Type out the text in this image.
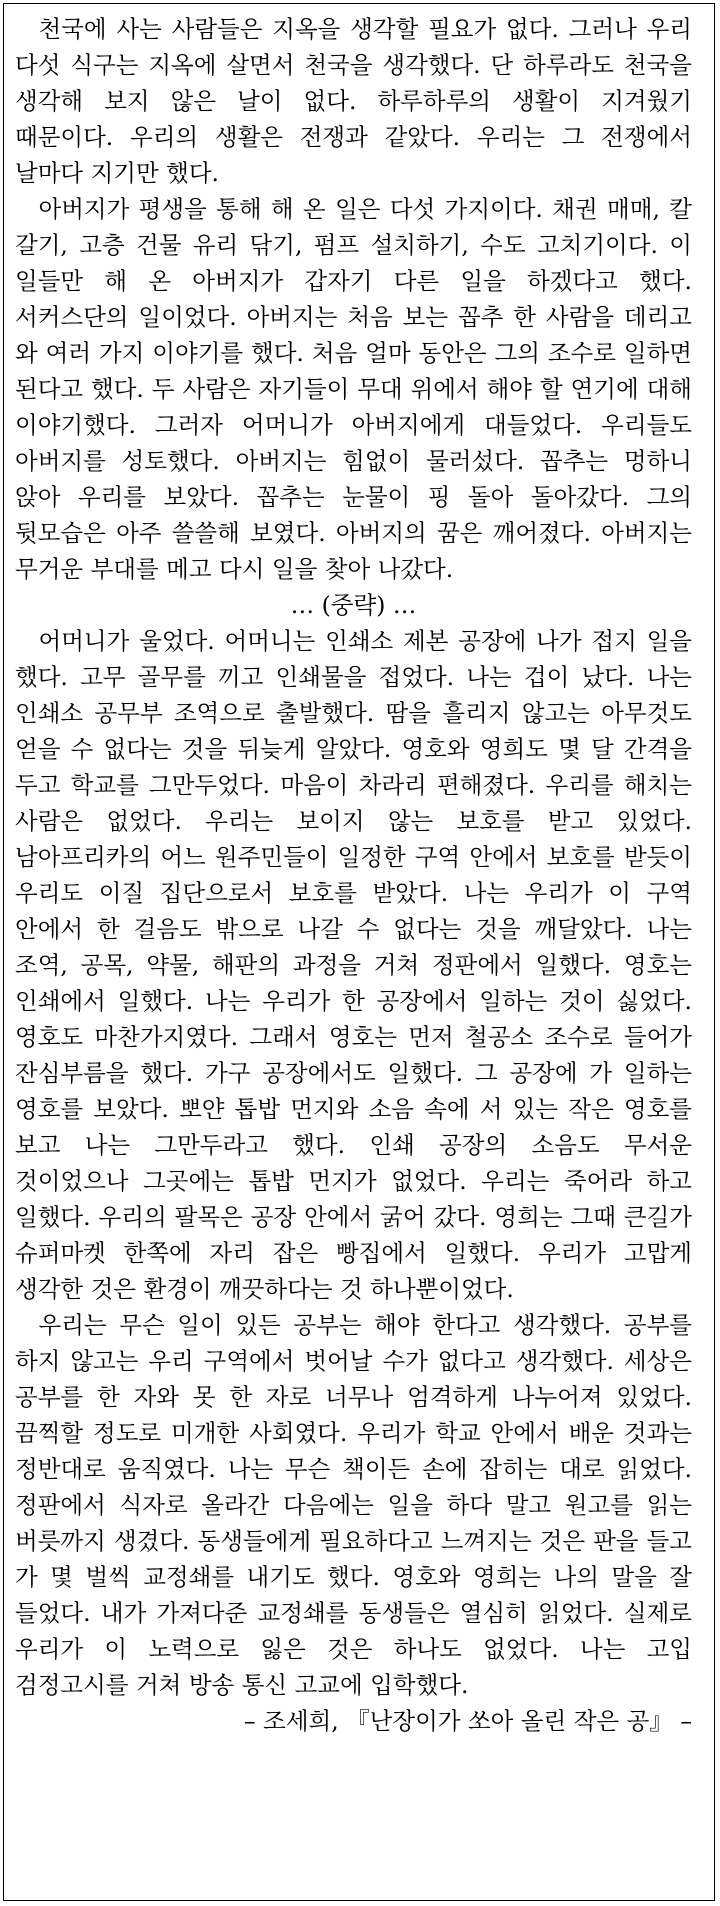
천국에 사는 사람들은 지옥을 생각할 필요가 없다. 그러나 우리 다섯 식구는 지옥에 살면서 천국을 생각했다. 단 하루라도 천국을 생각해 보지 않은 날이 없다. 하루하루의 생활이 지겨웠기 때문이다. 우리의 생활은 전쟁과 같았다. 우리는 그 전쟁에서 날마다 지기만 했다.

아버지가 평생을 통해 해 온 일은 다섯 가지이다. 채권 매매, 칼 갈기, 고층 건물 유리 닦기, 펌프 설치하기, 수도 고치기이다. 이 일들만 해 온 아버지가 갑자기 다른 일을 하겠다고 했다. 서커스단의 일이었다. 아버지는 처음 보는 꼽추 한 사람을 데리고 와 여러 가지 이야기를 했다. 처음 얼마 동안은 그의 조수로 일하면 된다고 했다. 두 사람은 자기들이 무대 위에서 해야 할 연기에 대해 이야기했다. 그러자 어머니가 아버지에게 대들었다. 우리들도 아버지를 성토했다. 아버지는 힘없이 물러섰다. 꼽추는 멍하니 앉아 우리를 보았다. 꼽추는 눈물이 핑 돌아 돌아갔다. 그의 뒷모습은 아주 쓸쓸해 보였다. 아버지의 꿈은 깨어졌다. 아버지는 무거운 부대를 메고 다시 일을 찾아 나갔다.

… (중략) …

어머니가 울었다. 어머니는 인쇄소 제본 공장에 나가 접지 일을 했다. 고무 골무를 끼고 인쇄물을 접었다. 나는 겁이 났다. 나는 인쇄소 공무부 조역으로 출발했다. 땀을 흘리지 않고는 아무것도 얻을 수 없다는 것을 뒤늦게 알았다. 영호와 영희도 몇 달 간격을 두고 학교를 그만두었다. 마음이 차라리 편해졌다. 우리를 해치는 사람은 없었다. 우리는 보이지 않는 보호를 받고 있었다. 남아프리카의 어느 원주민들이 일정한 구역 안에서 보호를 받듯이 우리도 이질 집단으로서 보호를 받았다. 나는 우리가 이 구역 안에서 한 걸음도 밖으로 나갈 수 없다는 것을 깨달았다. 나는 조역, 공목, 약물, 해판의 과정을 거쳐 정판에서 일했다. 영호는 인쇄에서 일했다. 나는 우리가 한 공장에서 일하는 것이 싫었다. 영호도 마찬가지였다. 그래서 영호는 먼저 철공소 조수로 들어가 잔심부름을 했다. 가구 공장에서도 일했다. 그 공장에 가 일하는 영호를 보았다. 뽀얀 톱밥 먼지와 소음 속에 서 있는 작은 영호를 보고 나는 그만두라고 했다. 인쇄 공장의 소음도 무서운 것이었으나 그곳에는 톱밥 먼지가 없었다. 우리는 죽어라 하고 일했다. 우리의 팔목은 공장 안에서 굵어 갔다. 영희는 그때 큰길가 슈퍼마켓 한쪽에 자리 잡은 빵집에서 일했다. 우리가 고맙게 생각한 것은 환경이 깨끗하다는 것 하나뿐이었다.

우리는 무슨 일이 있든 공부는 해야 한다고 생각했다. 공부를 하지 않고는 우리 구역에서 벗어날 수가 없다고 생각했다. 세상은 공부를 한 자와 못 한 자로 너무나 엄격하게 나누어져 있었다. 끔찍할 정도로 미개한 사회였다. 우리가 학교 안에서 배운 것과는 정반대로 움직였다. 나는 무슨 책이든 손에 잡히는 대로 읽었다. 정판에서 식자로 올라간 다음에는 일을 하다 말고 원고를 읽는 버릇까지 생겼다. 동생들에게 필요하다고 느껴지는 것은 판을 들고 가 몇 벌씩 교정쇄를 내기도 했다. 영호와 영희는 나의 말을 잘 들었다. 내가 가져다준 교정쇄를 동생들은 열심히 읽었다. 실제로 우리가 이 노력으로 잃은 것은 하나도 없었다. 나는 고입 검정고시를 거쳐 방송 통신 고교에 입학했다.

– 조세희, 『난장이가 쏘아 올린 작은 공』 –
